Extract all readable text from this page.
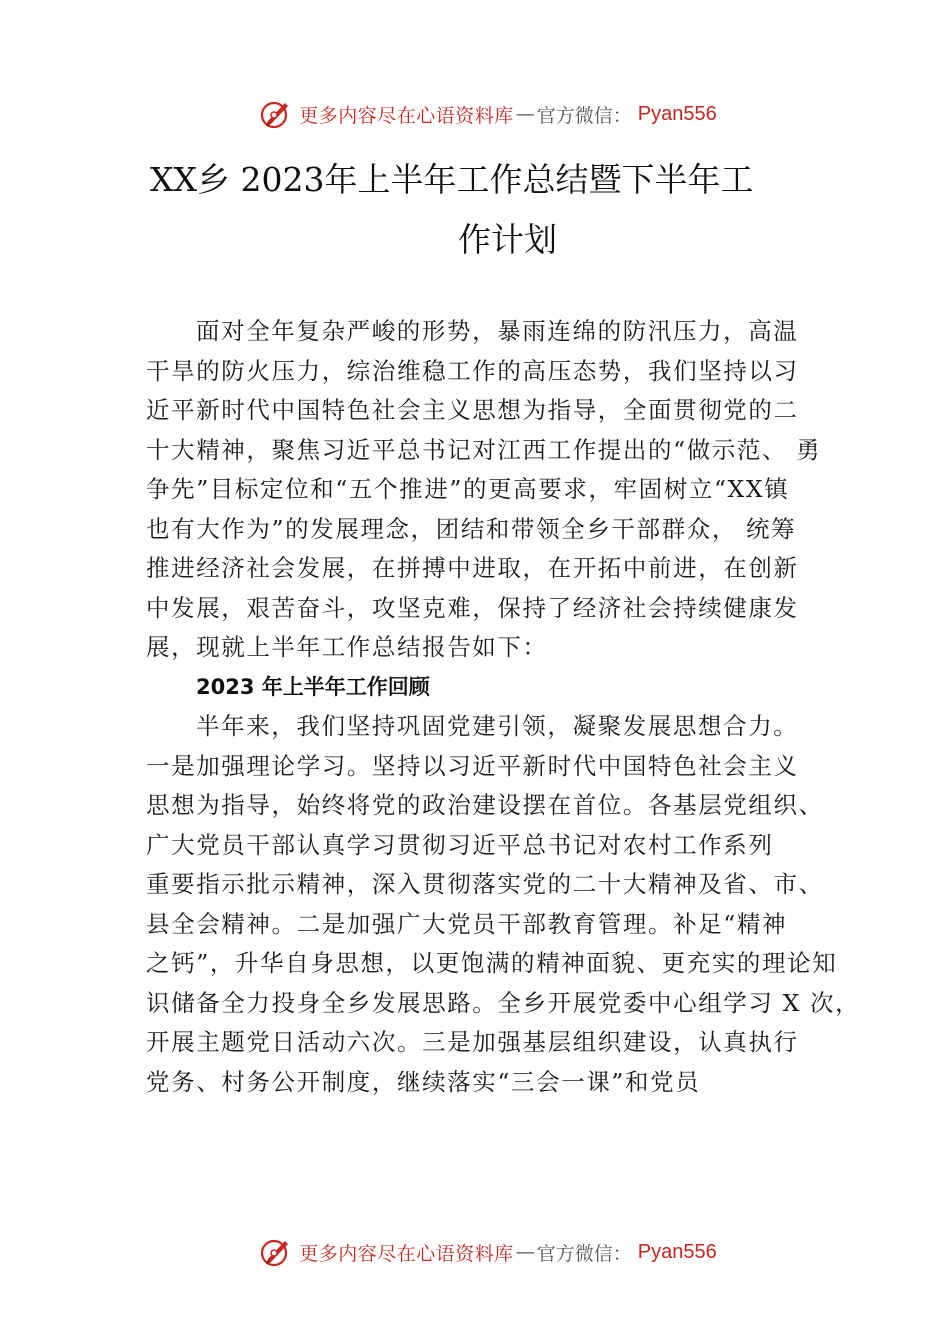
更多内容尽在心语资料库 — 官方微信： Pyan556
XX乡 2023年上半年工作总结暨下半年工
作计划
面对全年复杂严峻的形势，暴雨连绵的防汛压力，高温
干旱的防火压力，综治维稳工作的高压态势，我们坚持以习
近平新时代中国特色社会主义思想为指导，全面贯彻党的二
十大精神，聚焦习近平总书记对江西工作提出的“做示范、 勇
争先”目标定位和“五个推进”的更高要求，牢固树立“XX镇
也有大作为”的发展理念，团结和带领全乡干部群众， 统筹
推进经济社会发展，在拼搏中进取，在开拓中前进，在创新
中发展，艰苦奋斗，攻坚克难，保持了经济社会持续健康发
展，现就上半年工作总结报告如下：
2023 年上半年工作回顾
半年来，我们坚持巩固党建引领，凝聚发展思想合力。
一是加强理论学习。坚持以习近平新时代中国特色社会主义
思想为指导，始终将党的政治建设摆在首位。各基层党组织、
广大党员干部认真学习贯彻习近平总书记对农村工作系列
重要指示批示精神，深入贯彻落实党的二十大精神及省、市、
县全会精神。二是加强广大党员干部教育管理。补足“精神
之钙”，升华自身思想，以更饱满的精神面貌、更充实的理论知
识储备全力投身全乡发展思路。全乡开展党委中心组学习 X 次，
开展主题党日活动六次。三是加强基层组织建设，认真执行
党务、村务公开制度，继续落实“三会一课”和党员
更多内容尽在心语资料库 — 官方微信： Pyan556
